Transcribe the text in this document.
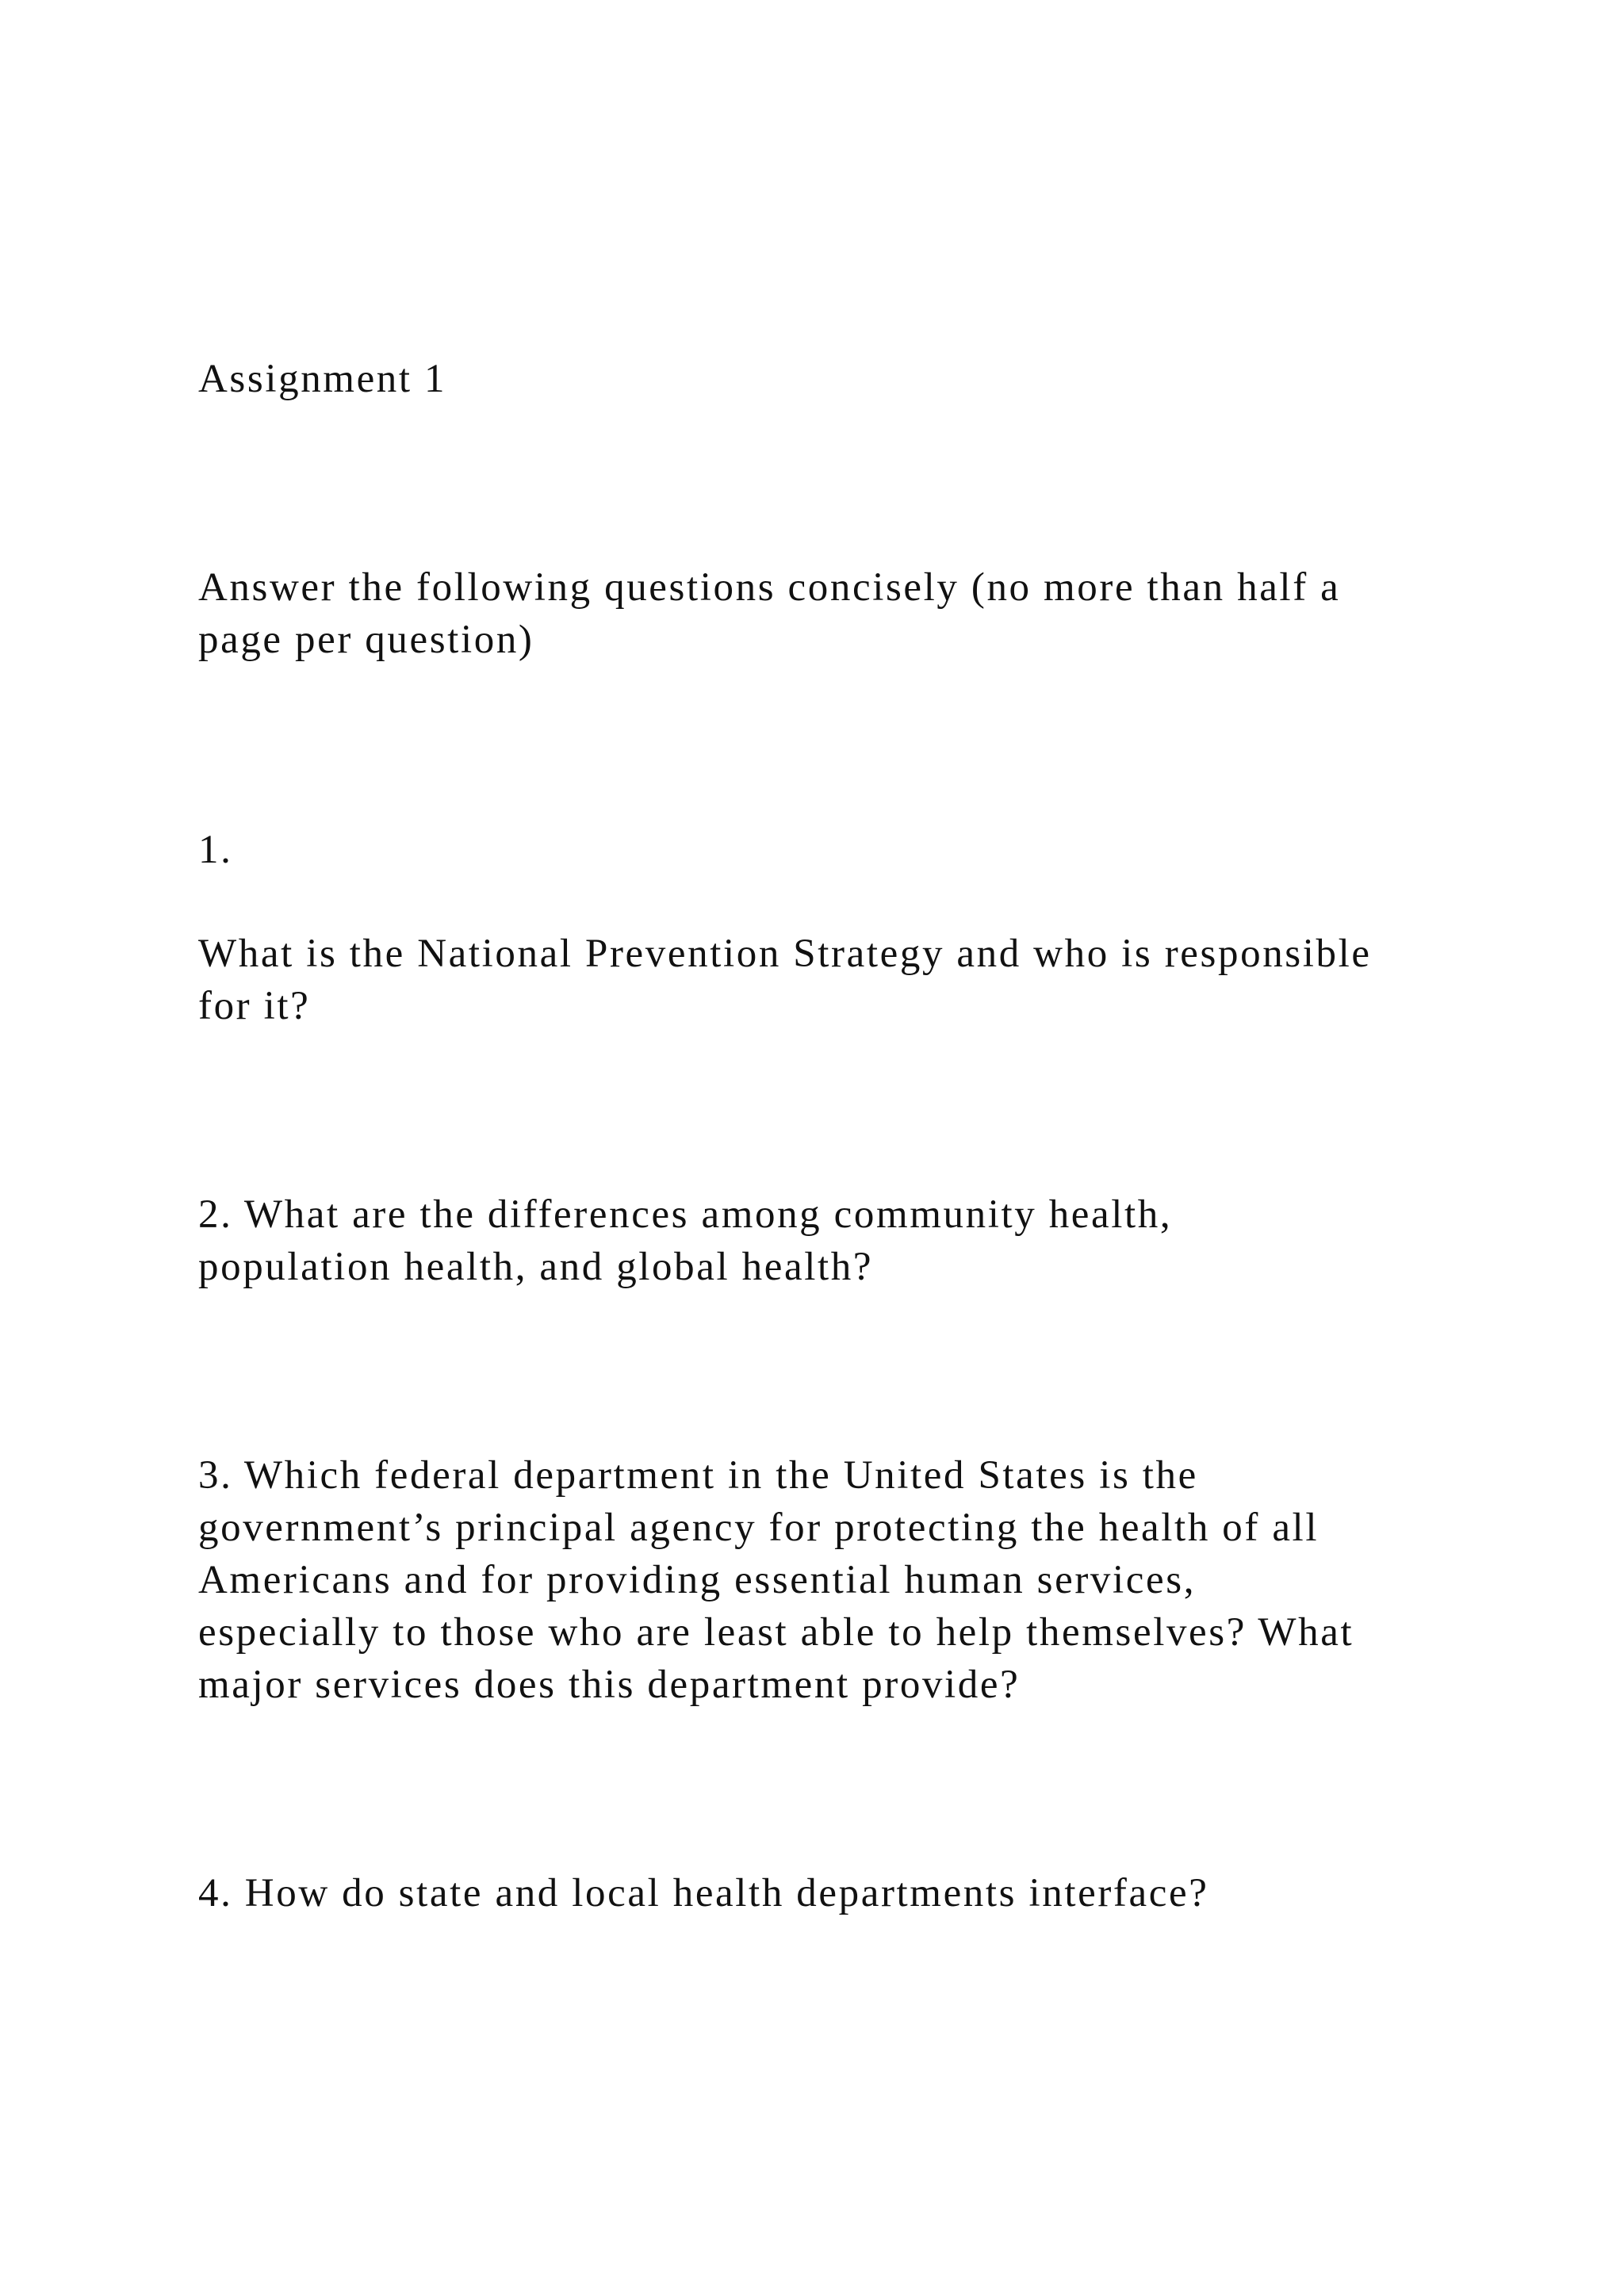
Assignment 1

Answer the following questions concisely (no more than half a

page per question)

1.

What is the National Prevention Strategy and who is responsible

for it?

2. What are the differences among community health,

population health, and global health?

3. Which federal department in the United States is the

government’s principal agency for protecting the health of all

Americans and for providing essential human services,

especially to those who are least able to help themselves? What

major services does this department provide?

4. How do state and local health departments interface?
